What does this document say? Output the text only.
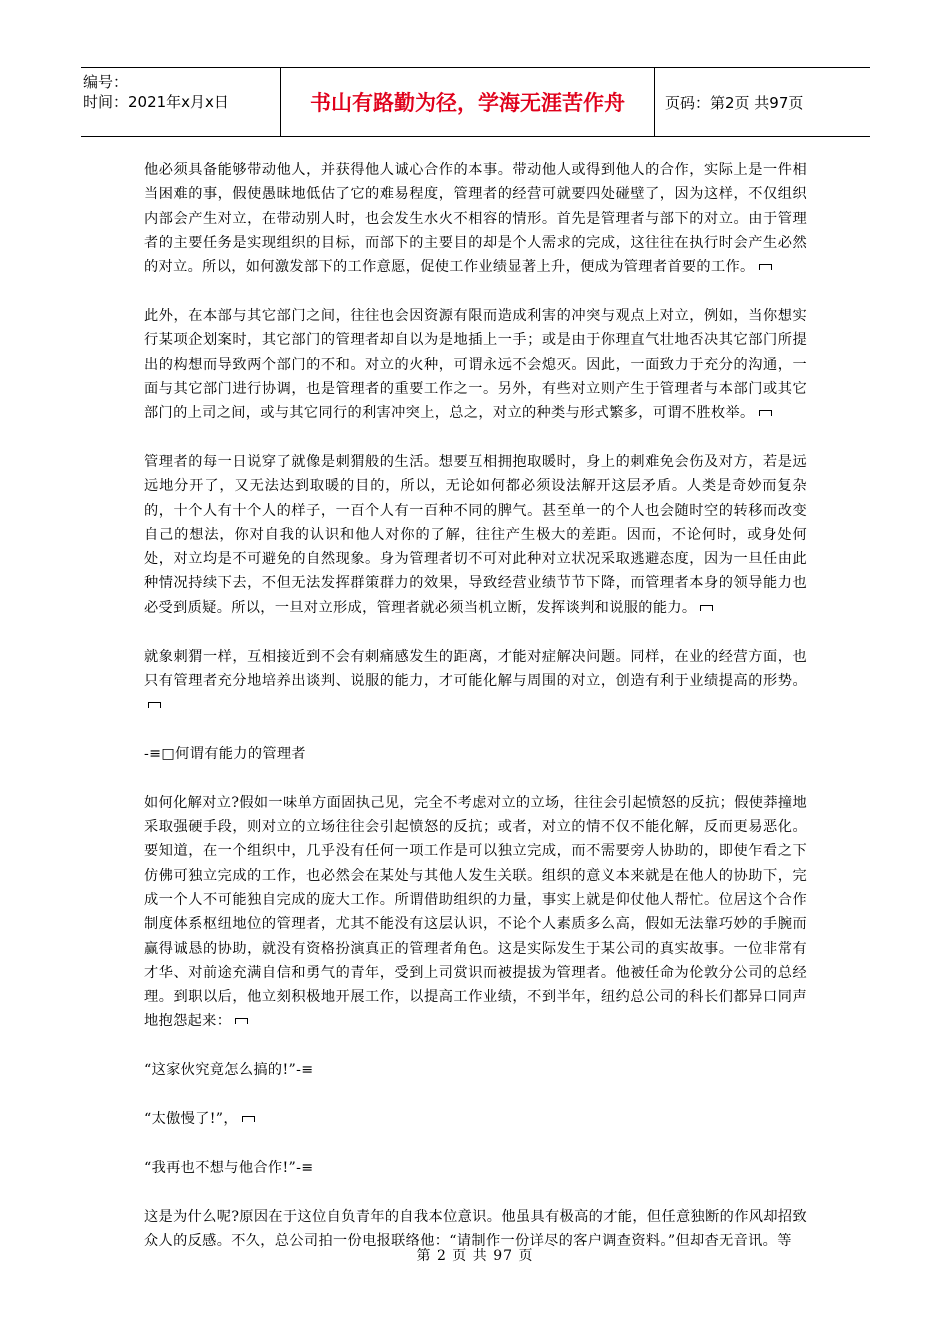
编号：
时间：2021年x月x日	书山有路勤为径，学海无涯苦作舟	页码：第2页 共97页

他必须具备能够带动他人，并获得他人诚心合作的本事。带动他人或得到他人的合作，实际上是一件相当困难的事，假使愚昧地低估了它的难易程度，管理者的经营可就要四处碰壁了，因为这样，不仅组织内部会产生对立，在带动别人时，也会发生水火不相容的情形。首先是管理者与部下的对立。由于管理者的主要任务是实现组织的目标，而部下的主要目的却是个人需求的完成，这往往在执行时会产生必然的对立。所以，如何激发部下的工作意愿，促使工作业绩显著上升，便成为管理者首要的工作。

此外，在本部与其它部门之间，往往也会因资源有限而造成利害的冲突与观点上对立，例如，当你想实行某项企划案时，其它部门的管理者却自以为是地插上一手；或是由于你理直气壮地否决其它部门所提出的构想而导致两个部门的不和。对立的火种，可谓永远不会熄灭。因此，一面致力于充分的沟通，一面与其它部门进行协调，也是管理者的重要工作之一。另外，有些对立则产生于管理者与本部门或其它部门的上司之间，或与其它同行的利害冲突上，总之，对立的种类与形式繁多，可谓不胜枚举。

管理者的每一日说穿了就像是刺猬般的生活。想要互相拥抱取暖时，身上的刺难免会伤及对方，若是远远地分开了，又无法达到取暖的目的，所以，无论如何都必须设法解开这层矛盾。人类是奇妙而复杂的，十个人有十个人的样子，一百个人有一百种不同的脾气。甚至单一的个人也会随时空的转移而改变自己的想法，你对自我的认识和他人对你的了解，往往产生极大的差距。因而，不论何时，或身处何处，对立均是不可避免的自然现象。身为管理者切不可对此种对立状况采取逃避态度，因为一旦任由此种情况持续下去，不但无法发挥群策群力的效果，导致经营业绩节节下降，而管理者本身的领导能力也必受到质疑。所以，一旦对立形成，管理者就必须当机立断，发挥谈判和说服的能力。

就象刺猬一样，互相接近到不会有刺痛感发生的距离，才能对症解决问题。同样，在业的经营方面，也只有管理者充分地培养出谈判、说服的能力，才可能化解与周围的对立，创造有利于业绩提高的形势。

-≡□何谓有能力的管理者

如何化解对立?假如一味单方面固执己见，完全不考虑对立的立场，往往会引起愤怒的反抗；假使莽撞地采取强硬手段，则对立的立场往往会引起愤怒的反抗；或者，对立的情不仅不能化解，反而更易恶化。要知道，在一个组织中，几乎没有任何一项工作是可以独立完成，而不需要旁人协助的，即使乍看之下仿佛可独立完成的工作，也必然会在某处与其他人发生关联。组织的意义本来就是在他人的协助下，完成一个人不可能独自完成的庞大工作。所谓借助组织的力量，事实上就是仰仗他人帮忙。位居这个合作制度体系枢纽地位的管理者，尤其不能没有这层认识，不论个人素质多么高，假如无法靠巧妙的手腕而赢得诚恳的协助，就没有资格扮演真正的管理者角色。这是实际发生于某公司的真实故事。一位非常有才华、对前途充满自信和勇气的青年，受到上司赏识而被提拔为管理者。他被任命为伦敦分公司的总经理。到职以后，他立刻积极地开展工作，以提高工作业绩，不到半年，纽约总公司的科长们都异口同声地抱怨起来：

“这家伙究竟怎么搞的!”-≡

“太傲慢了!”，

“我再也不想与他合作!”-≡

这是为什么呢?原因在于这位自负青年的自我本位意识。他虽具有极高的才能，但任意独断的作风却招致众人的反感。不久，总公司拍一份电报联络他：“请制作一份详尽的客户调查资料。”但却杳无音讯。等

第 2 页 共 97 页
